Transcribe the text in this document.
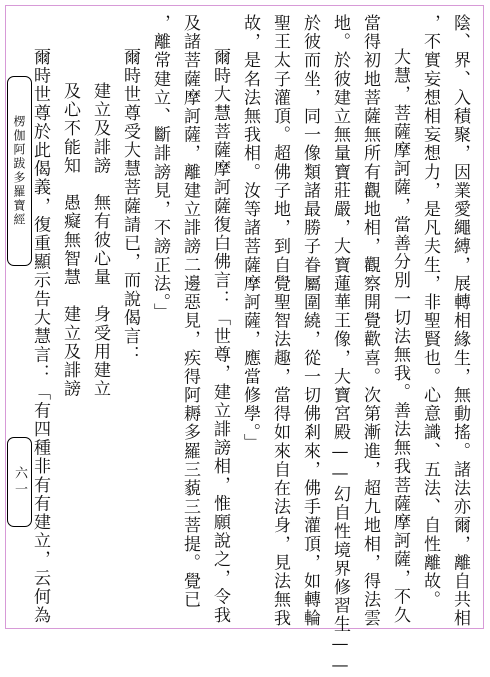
楞伽阿跋多羅寶經
六一	陰、界、入積聚，因業愛繩縛，展轉相緣生，無動搖。諸法亦爾，離自共相

，不實妄想相妄想力，是凡夫生，非聖賢也。心意識、五法、自性離故。

大慧，菩薩摩訶薩，當善分別一切法無我。善法無我菩薩摩訶薩，不久

當得初地菩薩無所有觀地相，觀察開覺歡喜。次第漸進，超九地相，得法雲

地。於彼建立無量寶莊嚴，大寶蓮華王像，大寶宮殿——幻自性境界修習生——

於彼而坐，同一像類諸最勝子眷屬圍繞，從一切佛剎來，佛手灌頂，如轉輪

聖王太子灌頂。超佛子地，到自覺聖智法趣，當得如來自在法身，見法無我

故，是名法無我相。汝等諸菩薩摩訶薩，應當修學。」

爾時大慧菩薩摩訶薩復白佛言：「世尊，建立誹謗相，惟願說之，令我

及諸菩薩摩訶薩，離建立誹謗二邊惡見，疾得阿耨多羅三藐三菩提。覺已

，離常建立、斷誹謗見，不謗正法。」

爾時世尊受大慧菩薩請已，而說偈言：

建立及誹謗　無有彼心量　身受用建立

及心不能知　愚癡無智慧　建立及誹謗

爾時世尊於此偈義，復重顯示告大慧言：「有四種非有有建立，云何為
